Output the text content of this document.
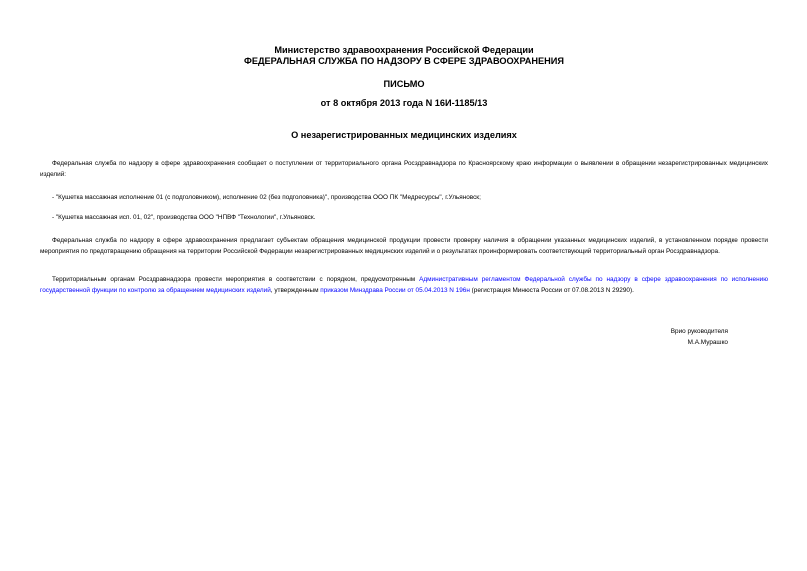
Министерство здравоохранения Российской Федерации
ФЕДЕРАЛЬНАЯ СЛУЖБА ПО НАДЗОРУ В СФЕРЕ ЗДРАВООХРАНЕНИЯ
ПИСЬМО
от 8 октября 2013 года N 16И-1185/13
О незарегистрированных медицинских изделиях
Федеральная служба по надзору в сфере здравоохранения сообщает о поступлении от территориального органа Росздравнадзора по Красноярскому краю информации о выявлении в обращении незарегистрированных медицинских изделий:
- "Кушетка массажная исполнение 01 (с подголовником), исполнение 02 (без подголовника)", производства ООО ПК "Медресурсы", г.Ульяновск;
- "Кушетка массажная исп. 01, 02", производства ООО "НПВФ "Технологии", г.Ульяновск.
Федеральная служба по надзору в сфере здравоохранения предлагает субъектам обращения медицинской продукции провести проверку наличия в обращении указанных медицинских изделий, в установленном порядке провести мероприятия по предотвращению обращения на территории Российской Федерации незарегистрированных медицинских изделий и о результатах проинформировать соответствующий территориальный орган Росздравнадзора.
Территориальным органам Росздравнадзора провести мероприятия в соответствии с порядком, предусмотренным Административным регламентом Федеральной службы по надзору в сфере здравоохранения по исполнению государственной функции по контролю за обращением медицинских изделий, утвержденным приказом Минздрава России от 05.04.2013 N 196н (регистрация Минюста России от 07.08.2013 N 29290).
Врио руководителя
М.А.Мурашко
